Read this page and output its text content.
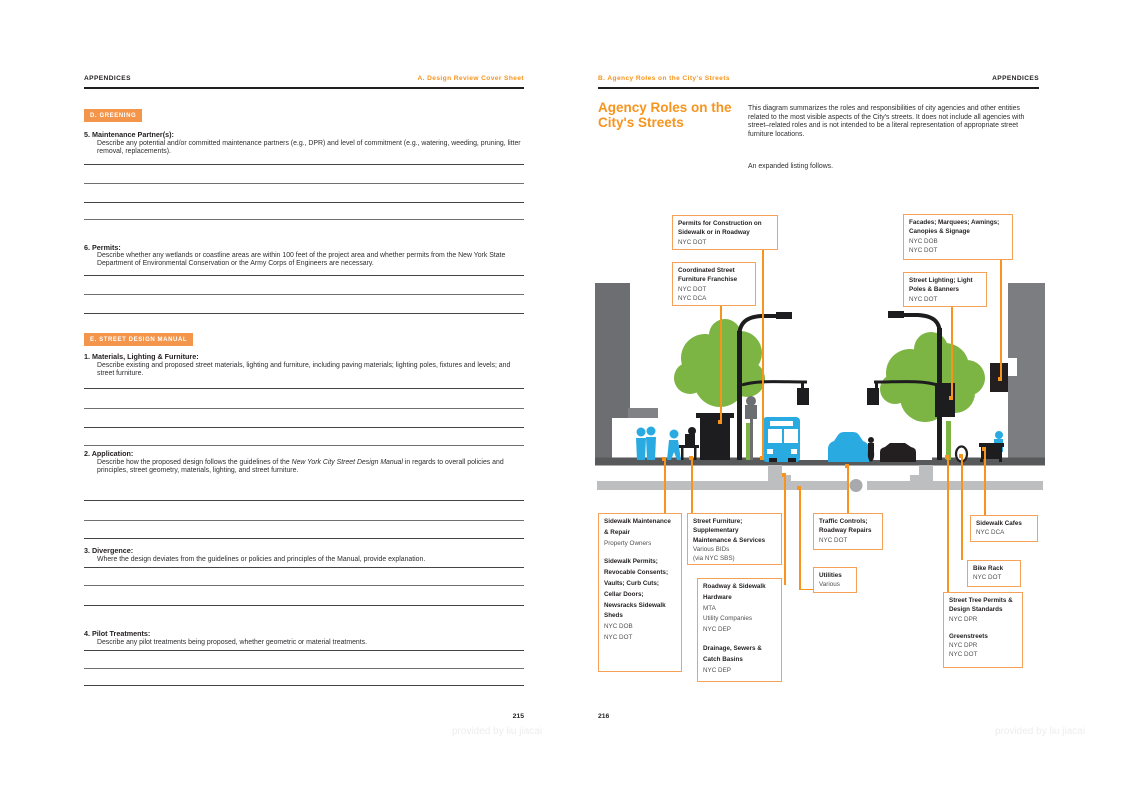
APPENDICES	A. Design Review Cover Sheet
D. GREENING
5. Maintenance Partner(s):
Describe any potential and/or committed maintenance partners (e.g., DPR) and level of commitment (e.g., watering, weeding, pruning, litter removal, replacements).
6. Permits:
Describe whether any wetlands or coastline areas are within 100 feet of the project area and whether permits from the New York State Department of Environmental Conservation or the Army Corps of Engineers are necessary.
E. STREET DESIGN MANUAL
1. Materials, Lighting & Furniture:
Describe existing and proposed street materials, lighting and furniture, including paving materials; lighting poles, fixtures and levels; and street furniture.
2. Application:
Describe how the proposed design follows the guidelines of the New York City Street Design Manual in regards to overall policies and principles, street geometry, materials, lighting, and street furniture.
3. Divergence:
Where the design deviates from the guidelines or policies and principles of the Manual, provide explanation.
4. Pilot Treatments:
Describe any pilot treatments being proposed, whether geometric or material treatments.
215
B. Agency Roles on the City's Streets	APPENDICES
Agency Roles on the City's Streets
This diagram summarizes the roles and responsibilities of city agencies and other entities related to the most visible aspects of the City's streets. It does not include all agencies with street–related roles and is not intended to be a literal representation of appropriate street furniture locations.
An expanded listing follows.
Permits for Construction on Sidewalk or in Roadway
NYC DOT
Coordinated Street Furniture Franchise
NYC DOT
NYC DCA
Facades; Marquees; Awnings; Canopies & Signage
NYC DOB
NYC DOT
Street Lighting; Light Poles & Banners
NYC DOT
Sidewalk Maintenance & Repair
Property Owners
Sidewalk Permits; Revocable Consents; Vaults; Curb Cuts; Cellar Doors; Newsracks Sidewalk Sheds
NYC DOB
NYC DOT
Street Furniture; Supplementary Maintenance & Services
Various BIDs
(via NYC SBS)
Roadway & Sidewalk Hardware
MTA
Utility Companies
NYC DEP
Drainage, Sewers & Catch Basins
NYC DEP
Traffic Controls; Roadway Repairs
NYC DOT
Utilities
Various
Sidewalk Cafes
NYC DCA
Bike Rack
NYC DOT
Street Tree Permits & Design Standards
NYC DPR
Greenstreets
NYC DPR
NYC DOT
216
provided by liu jiacai	provided by liu jiacai
